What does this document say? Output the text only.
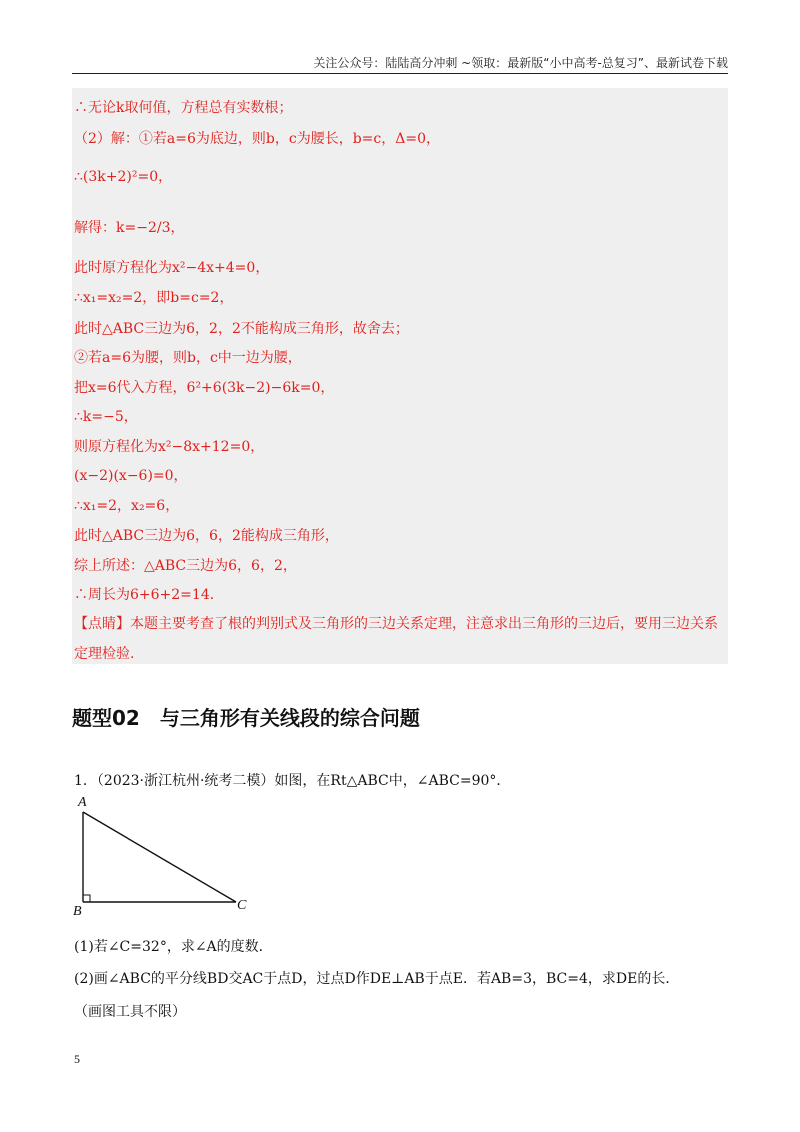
关注公众号：陆陆高分冲刺 ~领取：最新版“小中高考-总复习”、最新试卷下载
∴无论k取何值，方程总有实数根；
（2）解：①若a=6为底边，则b，c为腰长，b=c，Δ=0，
∴(3k+2)²=0，
解得：k=−2/3，
此时原方程化为x²−4x+4=0，
∴x₁=x₂=2，即b=c=2，
此时△ABC三边为6，2，2不能构成三角形，故舍去；
②若a=6为腰，则b，c中一边为腰，
把x=6代入方程，6²+6(3k−2)−6k=0，
∴k=−5，
则原方程化为x²−8x+12=0，
(x−2)(x−6)=0，
∴x₁=2，x₂=6，
此时△ABC三边为6，6，2能构成三角形，
综上所述：△ABC三边为6，6，2，
∴周长为6+6+2=14．
【点睛】本题主要考查了根的判别式及三角形的三边关系定理，注意求出三角形的三边后，要用三边关系
定理检验.
题型02　与三角形有关线段的综合问题
1．（2023·浙江杭州·统考二模）如图，在Rt△ABC中，∠ABC=90°．
A
B	C
(1)若∠C=32°，求∠A的度数．
(2)画∠ABC的平分线BD交AC于点D，过点D作DE⊥AB于点E．若AB=3，BC=4，求DE的长．
（画图工具不限）
5
